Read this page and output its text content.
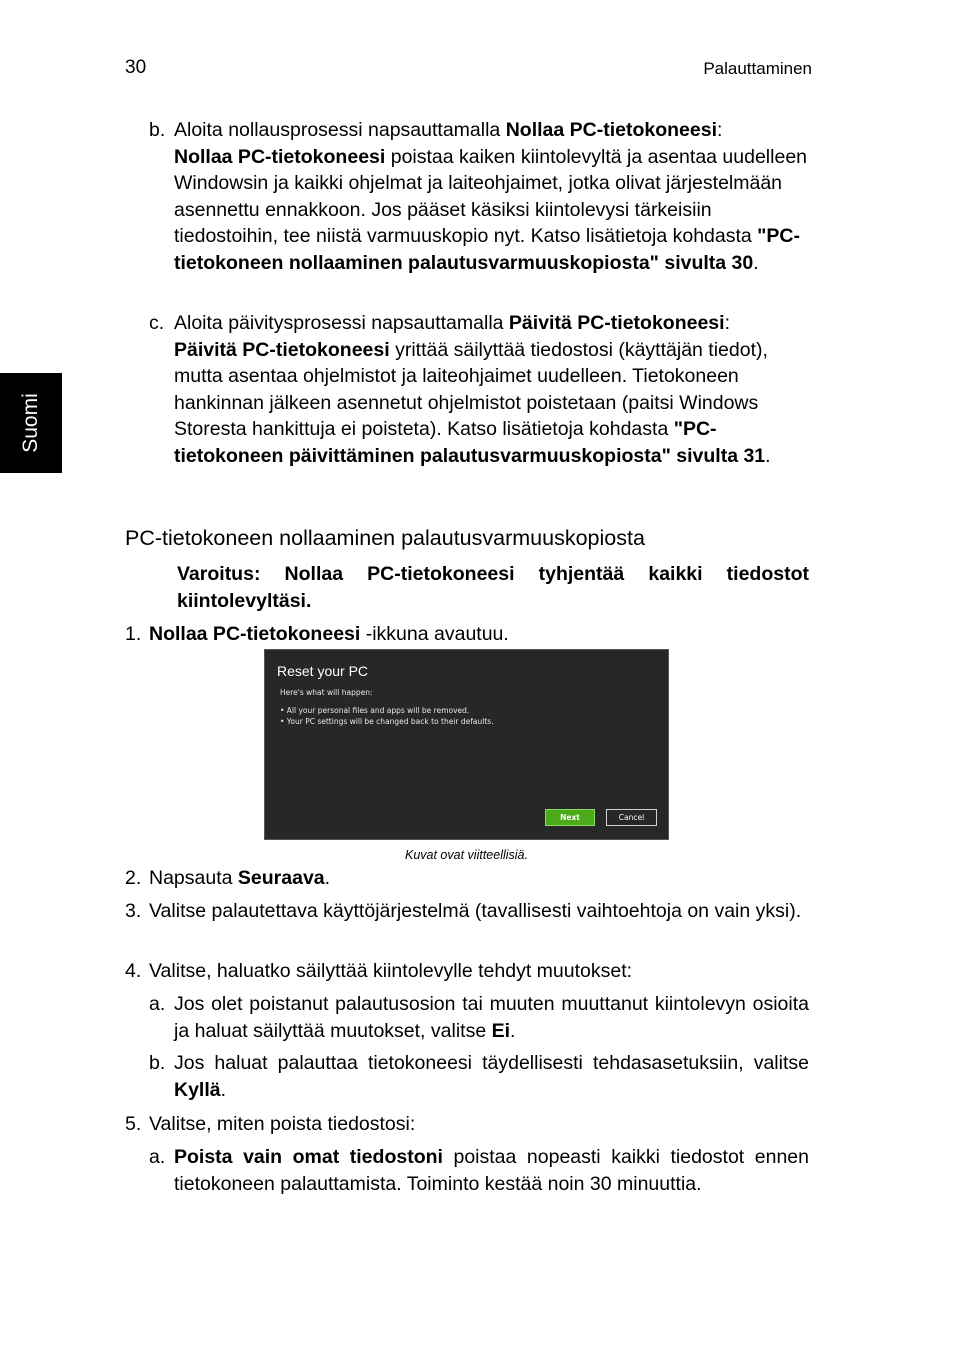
30	Palauttaminen
Suomi
b. Aloita nollausprosessi napsauttamalla Nollaa PC-tietokoneesi:
Nollaa PC-tietokoneesi poistaa kaiken kiintolevyltä ja asentaa uudelleen Windowsin ja kaikki ohjelmat ja laiteohjaimet, jotka olivat järjestelmään asennettu ennakkoon. Jos pääset käsiksi kiintolevysi tärkeisiin tiedostoihin, tee niistä varmuuskopio nyt. Katso lisätietoja kohdasta "PC-tietokoneen nollaaminen palautusvarmuuskopiosta" sivulta 30.
c. Aloita päivitysprosessi napsauttamalla Päivitä PC-tietokoneesi:
Päivitä PC-tietokoneesi yrittää säilyttää tiedostosi (käyttäjän tiedot), mutta asentaa ohjelmistot ja laiteohjaimet uudelleen. Tietokoneen hankinnan jälkeen asennetut ohjelmistot poistetaan (paitsi Windows Storesta hankittuja ei poisteta). Katso lisätietoja kohdasta "PC-tietokoneen päivittäminen palautusvarmuuskopiosta" sivulta 31.
PC-tietokoneen nollaaminen palautusvarmuuskopiosta
Varoitus: Nollaa PC-tietokoneesi tyhjentää kaikki tiedostot kiintolevyltäsi.
1. Nollaa PC-tietokoneesi -ikkuna avautuu.
Reset your PC
Here's what will happen:
• All your personal files and apps will be removed.
• Your PC settings will be changed back to their defaults.
Next	Cancel
Kuvat ovat viitteellisiä.
2. Napsauta Seuraava.
3. Valitse palautettava käyttöjärjestelmä (tavallisesti vaihtoehtoja on vain yksi).
4. Valitse, haluatko säilyttää kiintolevylle tehdyt muutokset:
a. Jos olet poistanut palautusosion tai muuten muuttanut kiintolevyn osioita ja haluat säilyttää muutokset, valitse Ei.
b. Jos haluat palauttaa tietokoneesi täydellisesti tehdasasetuksiin, valitse Kyllä.
5. Valitse, miten poista tiedostosi:
a. Poista vain omat tiedostoni poistaa nopeasti kaikki tiedostot ennen tietokoneen palauttamista. Toiminto kestää noin 30 minuuttia.
